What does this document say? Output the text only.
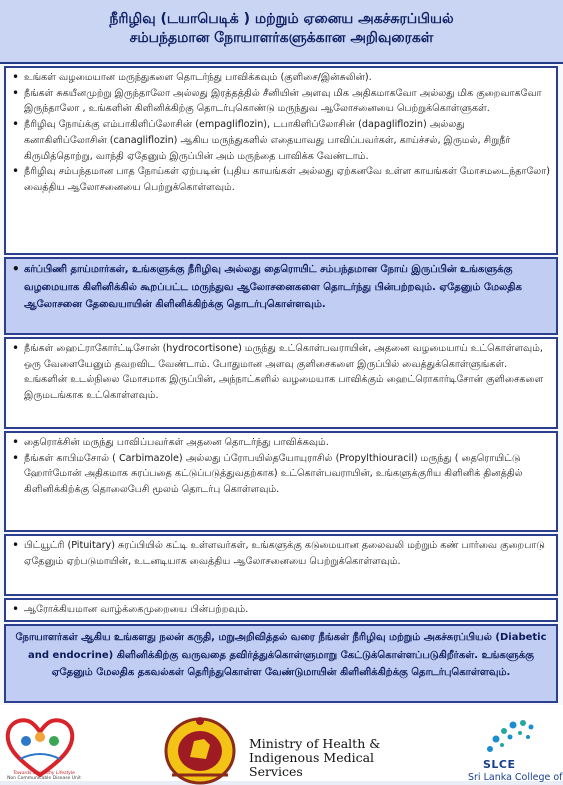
நீரிழிவு (டயாபெடிக் ) மற்றும் ஏனைய அகச்சுரப்பியல்

சம்பந்தமான நோயாளர்களுக்கான அறிவுரைகள்

• உங்கள் வழமையான மருந்துகளை தொடர்ந்து பாவிக்கவும் (குளிசை/இன்சுலின்).
• நீங்கள் சுகயீனமுற்று இருந்தாலோ அல்லது இரத்தத்தில் சீனியின் அளவு மிக அதிகமாகவோ அல்லது மிக குறைவாகவோ இருந்தாலோ , உங்களின் கிளினிக்கிற்கு தொடர்புகொண்டு மருந்துவ ஆலோசனையை பெற்றுக்கொள்ளுகள்.
• நீரிழிவு நோய்க்கு எம்பாகிளிப்லோசின் (empagliflozin), டபாகிளிப்லோசின் (dapagliflozin) அல்லது கனாகிளிப்லோசின் (canagliflozin) ஆகிய மருந்துகளில் எதையாவது பாவிப்பவர்கள், காய்ச்சல், இருமல், சிறுநீர் கிருமித்தொற்று, வாந்தி ஏதேனும் இருப்பின் அம் மருந்தை பாவிக்க வேண்டாம்.
• நீரிழிவு சம்பந்தமான பாத நோய்கள் ஏற்படின் (புதிய காயங்கள் அல்லது ஏற்கனவே உள்ள காயங்கள் மோசமடைந்தாலோ) வைத்திய ஆலோசனையை பெற்றுக்கொள்ளவும்.
• கர்ப்பிணி தாய்மார்கள், உங்களுக்கு நீரிழிவு அல்லது தைரொயிட் சம்பந்தமான நோய் இருப்பின் உங்களுக்கு வழமையாக கிளினிக்கில் கூறப்பட்ட மருந்துவ ஆலோசனைகளை தொடர்ந்து பின்பற்றவும். ஏதேனும் மேலதிக ஆலோசனை தேவையாயின் கிளினிக்கிற்க்கு தொடர்புகொள்ளவும்.
• நீங்கள் ஹைட்ராகோர்ட்டிசோன் (hydrocortisone) மருந்து உட்கொள்பவராயின், அதனை வழமையாய் உட்கொள்ளவும், ஒரு வேளையேனும் தவறவிட வேண்டாம். போதுமான அளவு குளிசைகளை இருப்பில் வைத்துக்கொள்ளுங்கள். உங்களின் உடல்நிலை மோசமாக இருப்பின், அந்நாட்களில் வழமையாக பாவிக்கும் ஹைட்ரொகார்டிசோன் குளிசைகளை இருமடங்காக உட்கொள்ளவும்.
• தைரொக்சின் மருந்து பாவிப்பவர்கள் அதனை தொடர்ந்து பாவிக்கவும்.
• நீங்கள் காபிமசோல் ( Carbimazole) அல்லது ப்ரோபயில்தயோயுராசில் (Propylthiouracil) மருந்து ( தைரொயிட்டு ஹோர்மோன் அதிகமாக சுரப்பதை கட்டுப்படுத்துவதற்காக) உட்கொள்பவராயின், உங்களுக்குரிய கிளினிக் தினத்தில் கிளினிக்கிற்க்கு தொலைபேசி மூலம் தொடர்பு கொள்ளவும்.
• பிட்யூட்ரி (Pituitary) சுரப்பியில் கட்டி உள்ளவர்கள், உங்களுக்கு கடுமையான தலைவலி மற்றும் கண் பார்வை குறைபாடு ஏதேனும் ஏற்படுமாயின், உடனடியாக வைத்திய ஆலோசனையை பெற்றுக்கொள்ளவும்.
• ஆரோக்கியமான வாழ்க்கைமுறையை பின்பற்றவும்.
நோயாளர்கள் ஆகிய உங்களது நலன் கருதி, மறுஅறிவித்தல் வரை நீங்கள் நீரிழிவு மற்றும் அகச்சுரப்பியல் (Diabetic and endocrine) கிளினிக்கிற்கு வருவதை தவிர்த்துக்கொள்ளுமாறு கேட்டுக்கொள்ளப்படுகிறீர்கள். உங்களுக்கு ஏதேனும் மேலதிக தகவல்கள் தெரிந்துகொள்ள வேண்டுமாயின் கிளினிக்கிற்க்கு தொடர்புகொள்ளவும்.
Towards a Healthy Lifestyle
Non Communicable Disease Unit
Ministry of Health &
Indigenous Medical
Services	SLCE
Sri Lanka College of
